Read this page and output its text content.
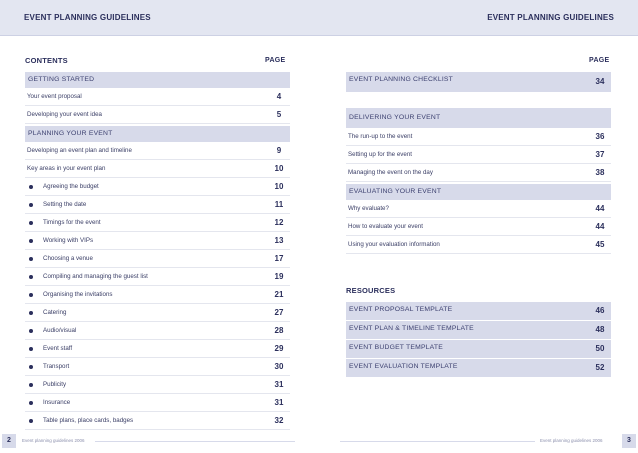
EVENT PLANNING GUIDELINES	EVENT PLANNING GUIDELINES
CONTENTS	PAGE
GETTING STARTED
Your event proposal	4
Developing your event idea	5
PLANNING YOUR EVENT
Developing an event plan and timeline	9
Key areas in your event plan	10
Agreeing the budget	10
Setting the date	11
Timings for the event	12
Working with VIPs	13
Choosing a venue	17
Compiling and managing the guest list	19
Organising the invitations	21
Catering	27
Audio/visual	28
Event staff	29
Transport	30
Publicity	31
Insurance	31
Table plans, place cards, badges	32
PAGE
EVENT PLANNING CHECKLIST	34
DELIVERING YOUR EVENT
The run-up to the event	36
Setting up for the event	37
Managing the event on the day	38
EVALUATING YOUR EVENT
Why evaluate?	44
How to evaluate your event	44
Using your evaluation information	45
RESOURCES
EVENT PROPOSAL TEMPLATE	46
EVENT PLAN & TIMELINE TEMPLATE	48
EVENT BUDGET TEMPLATE	50
EVENT EVALUATION TEMPLATE	52
2	Event planning guidelines 2006	Event planning guidelines 2006	3
